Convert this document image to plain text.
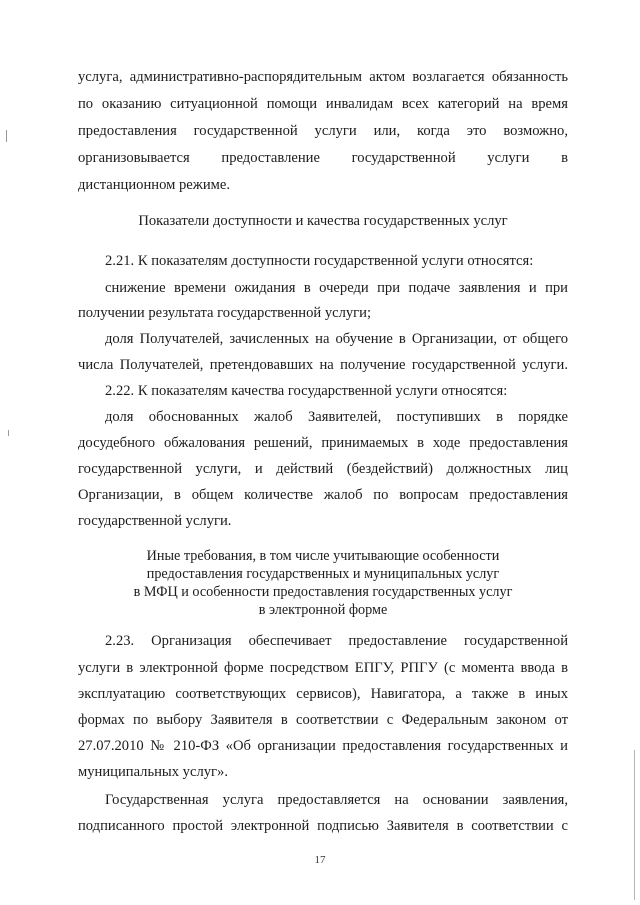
услуга, административно-распорядительным актом возлагается обязанность
по оказанию ситуационной помощи инвалидам всех категорий на время
предоставления государственной услуги или, когда это возможно,
организовывается предоставление государственной услуги в
дистанционном режиме.
Показатели доступности и качества государственных услуг
2.21. К показателям доступности государственной услуги относятся:
снижение времени ожидания в очереди при подаче заявления и при
получении результата государственной услуги;
доля Получателей, зачисленных на обучение в Организации, от общего
числа Получателей, претендовавших на получение государственной услуги.
2.22. К показателям качества государственной услуги относятся:
доля обоснованных жалоб Заявителей, поступивших в порядке
досудебного обжалования решений, принимаемых в ходе предоставления
государственной услуги, и действий (бездействий) должностных лиц
Организации, в общем количестве жалоб по вопросам предоставления
государственной услуги.
Иные требования, в том числе учитывающие особенности
предоставления государственных и муниципальных услуг
в МФЦ и особенности предоставления государственных услуг
в электронной форме
2.23. Организация обеспечивает предоставление государственной
услуги в электронной форме посредством ЕПГУ, РПГУ (с момента ввода в
эксплуатацию соответствующих сервисов), Навигатора, а также в иных
формах по выбору Заявителя в соответствии с Федеральным законом от
27.07.2010 № 210-ФЗ «Об организации предоставления государственных и
муниципальных услуг».
Государственная услуга предоставляется на основании заявления,
подписанного простой электронной подписью Заявителя в соответствии с
17
